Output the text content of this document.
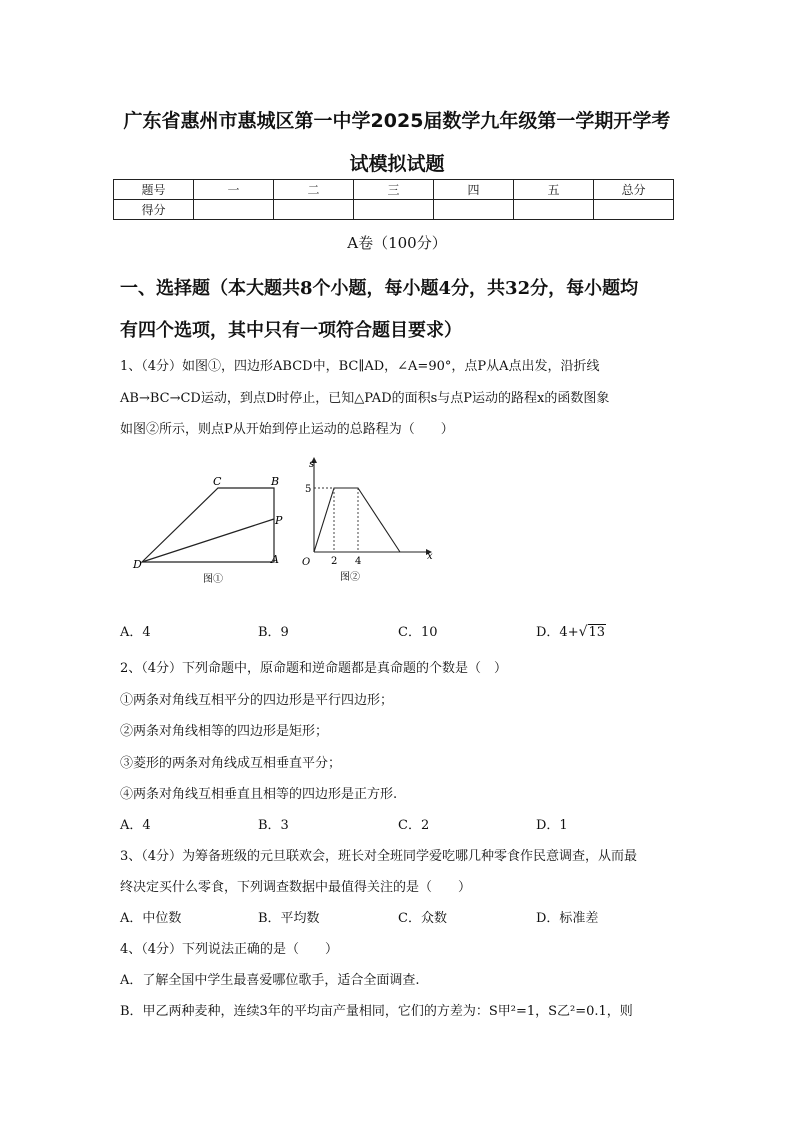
广东省惠州市惠城区第一中学2025届数学九年级第一学期开学考
试模拟试题
题号	一	二	三	四	五	总分
得分						
A卷（100分）
一、选择题（本大题共8个小题，每小题4分，共32分，每小题均
有四个选项，其中只有一项符合题目要求）
1、（4分）如图①，四边形ABCD中，BC∥AD，∠A=90°，点P从A点出发，沿折线
AB→BC→CD运动，到点D时停止，已知△PAD的面积s与点P运动的路程x的函数图象
如图②所示，则点P从开始到停止运动的总路程为（　　）
C	B
P
D	A
图①
s
5
O 2 4	x
图②
A．4	B．9	C．10	D．4+√13
2、（4分）下列命题中，原命题和逆命题都是真命题的个数是（　）
①两条对角线互相平分的四边形是平行四边形；
②两条对角线相等的四边形是矩形；
③菱形的两条对角线成互相垂直平分；
④两条对角线互相垂直且相等的四边形是正方形.
A．4	B．3	C．2	D．1
3、（4分）为筹备班级的元旦联欢会，班长对全班同学爱吃哪几种零食作民意调查，从而最
终决定买什么零食，下列调查数据中最值得关注的是（　　）
A．中位数	B．平均数	C．众数	D．标准差
4、（4分）下列说法正确的是（　　）
A．了解全国中学生最喜爱哪位歌手，适合全面调查.
B．甲乙两种麦种，连续3年的平均亩产量相同，它们的方差为：S甲²=1，S乙²=0.1，则
